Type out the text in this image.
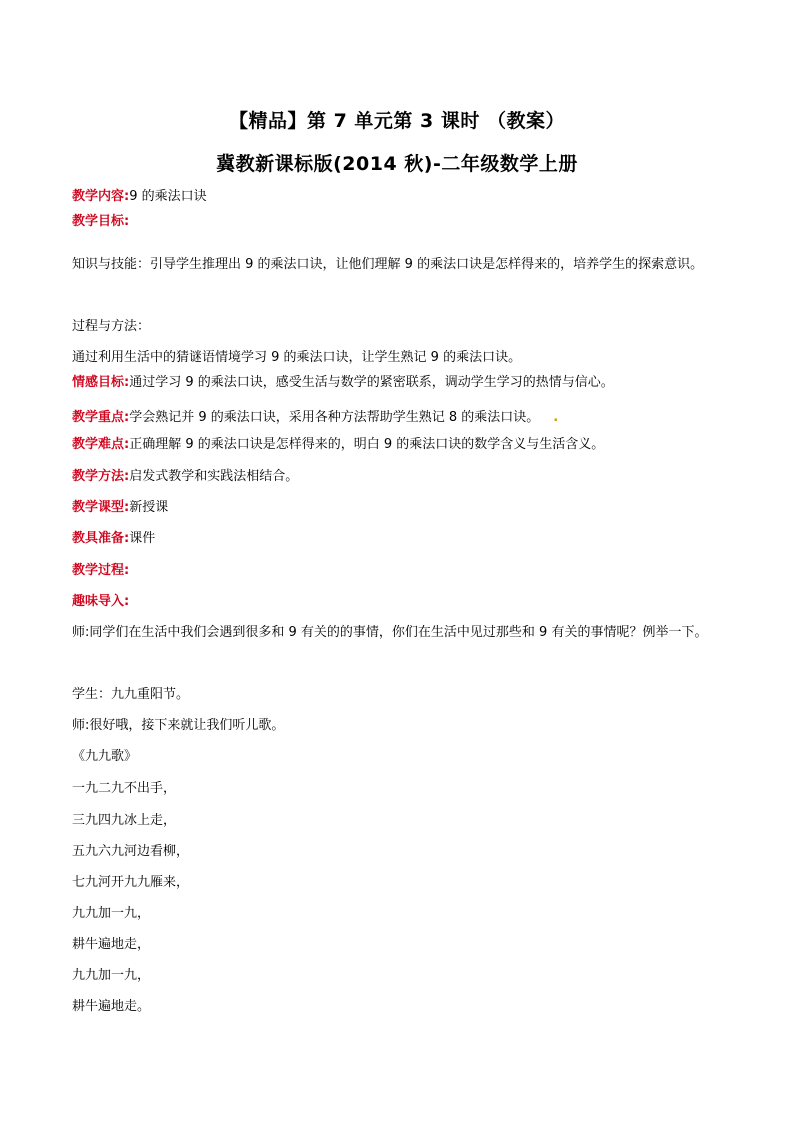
【精品】第 7 单元第 3 课时 （教案）
冀教新课标版(2014 秋)-二年级数学上册
教学内容:9 的乘法口诀
教学目标:
知识与技能：引导学生推理出 9 的乘法口诀，让他们理解 9 的乘法口诀是怎样得来的，培养学生的探索意识。
过程与方法：
通过利用生活中的猜谜语情境学习 9 的乘法口诀，让学生熟记 9 的乘法口诀。
情感目标:通过学习 9 的乘法口诀，感受生活与数学的紧密联系，调动学生学习的热情与信心。
教学重点:学会熟记并 9 的乘法口诀，采用各种方法帮助学生熟记 8 的乘法口诀。 .
教学难点:正确理解 9 的乘法口诀是怎样得来的，明白 9 的乘法口诀的数学含义与生活含义。
教学方法:启发式教学和实践法相结合。
教学课型:新授课
教具准备:课件
教学过程:
趣味导入:
师:同学们在生活中我们会遇到很多和 9 有关的的事情，你们在生活中见过那些和 9 有关的事情呢？例举一下。
学生：九九重阳节。
师:很好哦，接下来就让我们听儿歌。
《九九歌》
一九二九不出手，
三九四九冰上走，
五九六九河边看柳，
七九河开九九雁来，
九九加一九，
耕牛遍地走，
九九加一九，
耕牛遍地走。
